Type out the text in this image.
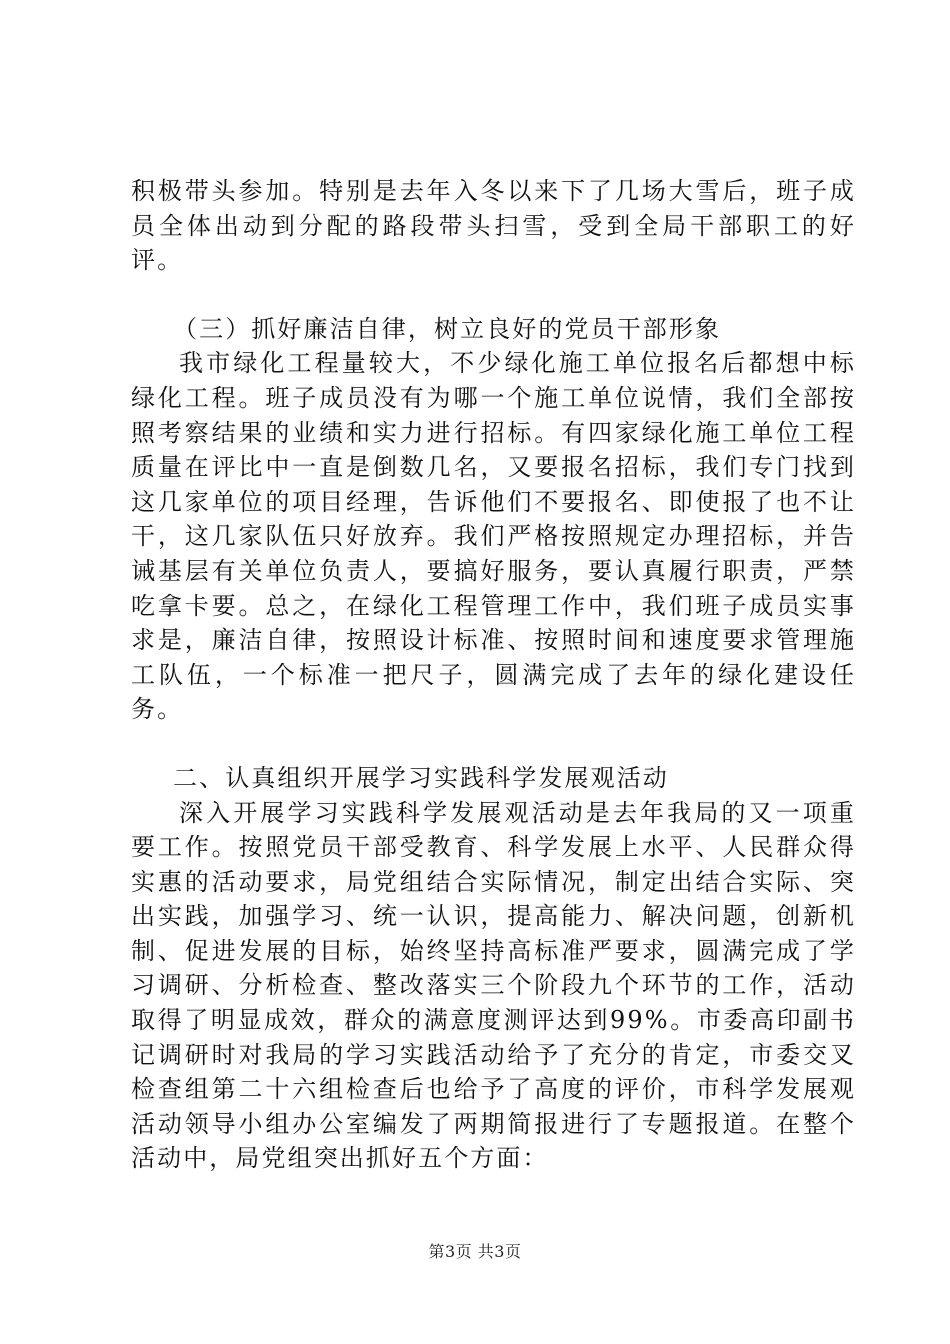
积极带头参加。特别是去年入冬以来下了几场大雪后，班子成员全体出动到分配的路段带头扫雪，受到全局干部职工的好评。

（三）抓好廉洁自律，树立良好的党员干部形象

我市绿化工程量较大，不少绿化施工单位报名后都想中标绿化工程。班子成员没有为哪一个施工单位说情，我们全部按照考察结果的业绩和实力进行招标。有四家绿化施工单位工程质量在评比中一直是倒数几名，又要报名招标，我们专门找到这几家单位的项目经理，告诉他们不要报名、即使报了也不让干，这几家队伍只好放弃。我们严格按照规定办理招标，并告诫基层有关单位负责人，要搞好服务，要认真履行职责，严禁吃拿卡要。总之，在绿化工程管理工作中，我们班子成员实事求是，廉洁自律，按照设计标准、按照时间和速度要求管理施工队伍，一个标准一把尺子，圆满完成了去年的绿化建设任务。

二、认真组织开展学习实践科学发展观活动

深入开展学习实践科学发展观活动是去年我局的又一项重要工作。按照党员干部受教育、科学发展上水平、人民群众得实惠的活动要求，局党组结合实际情况，制定出结合实际、突出实践，加强学习、统一认识，提高能力、解决问题，创新机制、促进发展的目标，始终坚持高标准严要求，圆满完成了学习调研、分析检查、整改落实三个阶段九个环节的工作，活动取得了明显成效，群众的满意度测评达到99%。市委高印副书记调研时对我局的学习实践活动给予了充分的肯定，市委交叉检查组第二十六组检查后也给予了高度的评价，市科学发展观活动领导小组办公室编发了两期简报进行了专题报道。在整个活动中，局党组突出抓好五个方面：

第3页 共3页
